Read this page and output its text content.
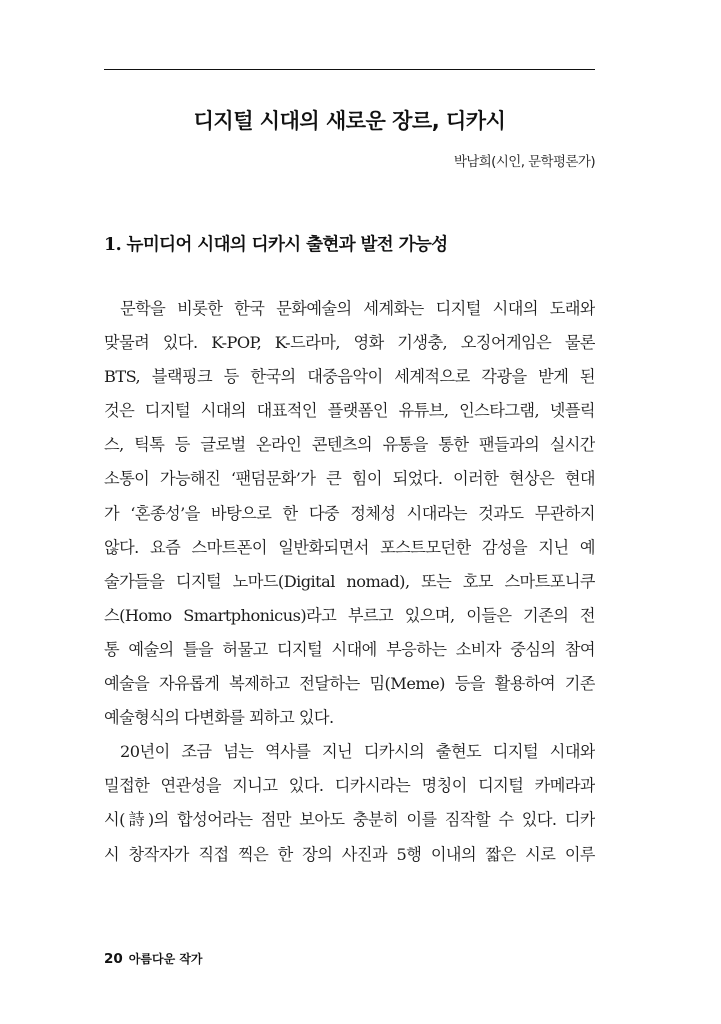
디지털 시대의 새로운 장르, 디카시
박남희(시인, 문학평론가)
1. 뉴미디어 시대의 디카시 출현과 발전 가능성
문학을 비롯한 한국 문화예술의 세계화는 디지털 시대의 도래와
맞물려 있다. K-POP, K-드라마, 영화 기생충, 오징어게임은 물론
BTS, 블랙핑크 등 한국의 대중음악이 세계적으로 각광을 받게 된
것은 디지털 시대의 대표적인 플랫폼인 유튜브, 인스타그램, 넷플릭
스, 틱톡 등 글로벌 온라인 콘텐츠의 유통을 통한 팬들과의 실시간
소통이 가능해진 ‘팬덤문화’가 큰 힘이 되었다. 이러한 현상은 현대
가 ‘혼종성’을 바탕으로 한 다중 정체성 시대라는 것과도 무관하지
않다. 요즘 스마트폰이 일반화되면서 포스트모던한 감성을 지닌 예
술가들을 디지털 노마드(Digital nomad), 또는 호모 스마트포니쿠
스(Homo Smartphonicus)라고 부르고 있으며, 이들은 기존의 전
통 예술의 틀을 허물고 디지털 시대에 부응하는 소비자 중심의 참여
예술을 자유롭게 복제하고 전달하는 밈(Meme) 등을 활용하여 기존
예술형식의 다변화를 꾀하고 있다.
20년이 조금 넘는 역사를 지닌 디카시의 출현도 디지털 시대와
밀접한 연관성을 지니고 있다. 디카시라는 명칭이 디지털 카메라과
시(詩)의 합성어라는 점만 보아도 충분히 이를 짐작할 수 있다. 디카
시 창작자가 직접 찍은 한 장의 사진과 5행 이내의 짧은 시로 이루
20 아름다운 작가
